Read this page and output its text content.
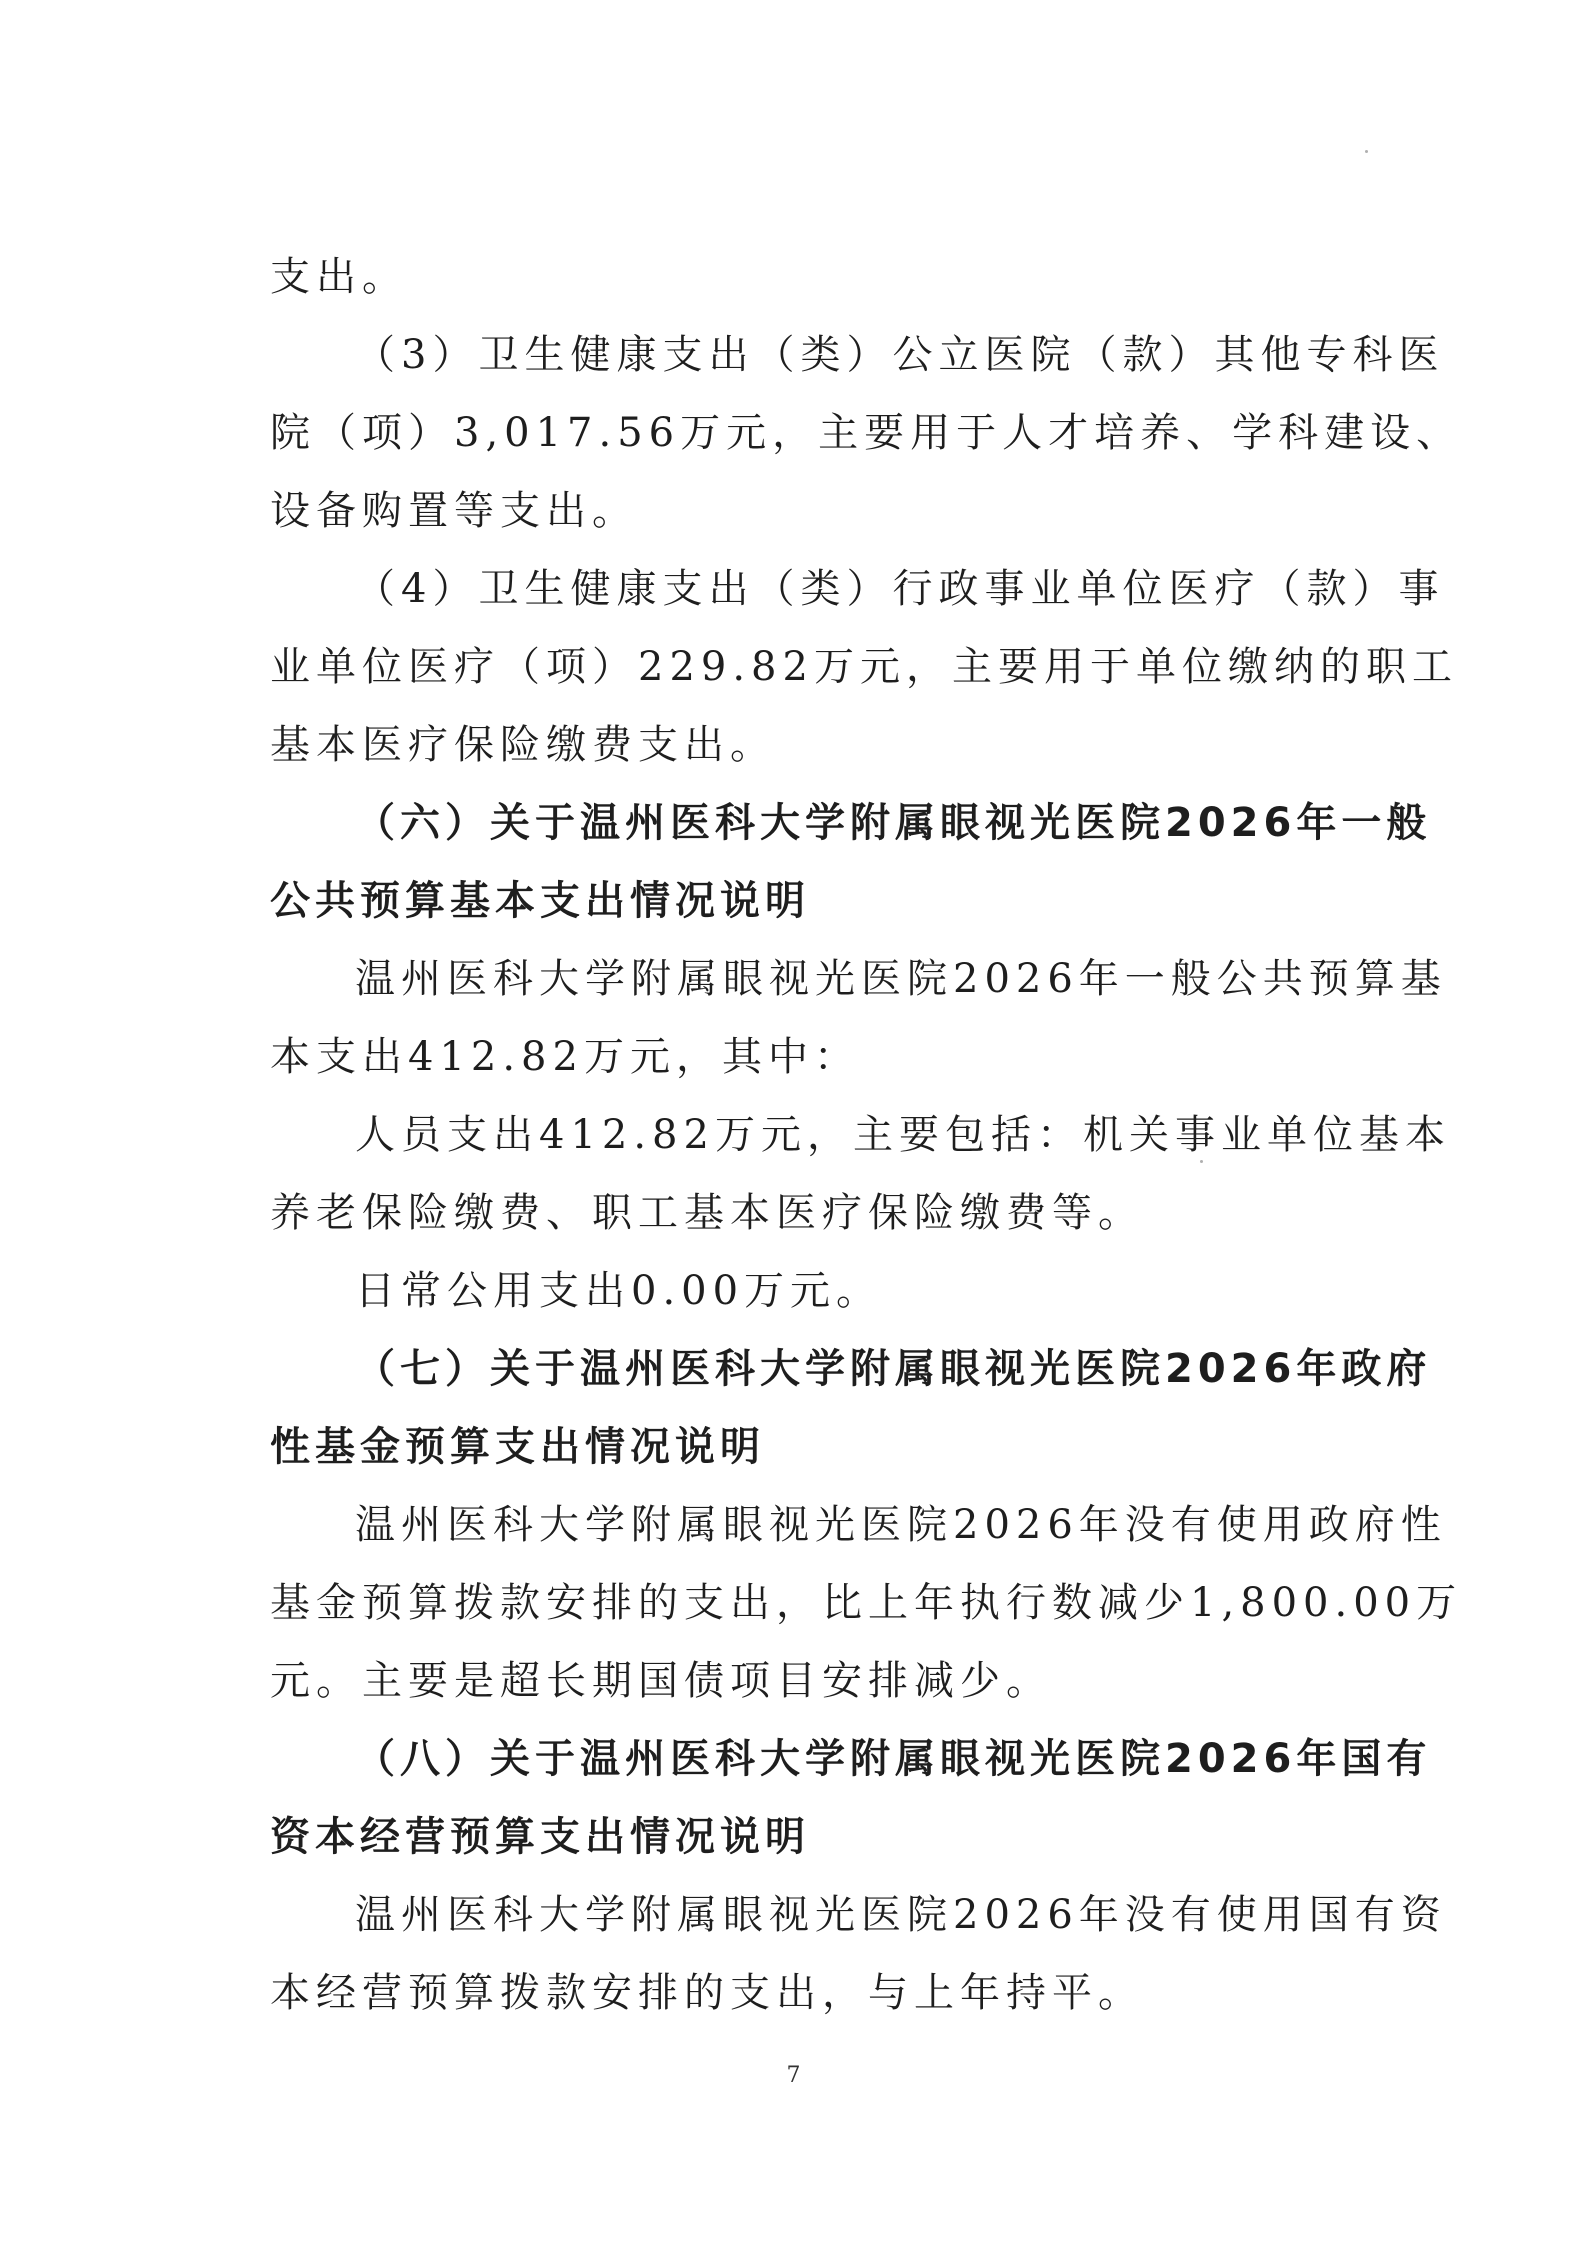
支出。
（3）卫生健康支出（类）公立医院（款）其他专科医
院（项）3,017.56万元，主要用于人才培养、学科建设、
设备购置等支出。
（4）卫生健康支出（类）行政事业单位医疗（款）事
业单位医疗（项）229.82万元，主要用于单位缴纳的职工
基本医疗保险缴费支出。
（六）关于温州医科大学附属眼视光医院2026年一般
公共预算基本支出情况说明
温州医科大学附属眼视光医院2026年一般公共预算基
本支出412.82万元，其中：
人员支出412.82万元，主要包括：机关事业单位基本
养老保险缴费、职工基本医疗保险缴费等。
日常公用支出0.00万元。
（七）关于温州医科大学附属眼视光医院2026年政府
性基金预算支出情况说明
温州医科大学附属眼视光医院2026年没有使用政府性
基金预算拨款安排的支出，比上年执行数减少1,800.00万
元。主要是超长期国债项目安排减少。
（八）关于温州医科大学附属眼视光医院2026年国有
资本经营预算支出情况说明
温州医科大学附属眼视光医院2026年没有使用国有资
本经营预算拨款安排的支出，与上年持平。
7
